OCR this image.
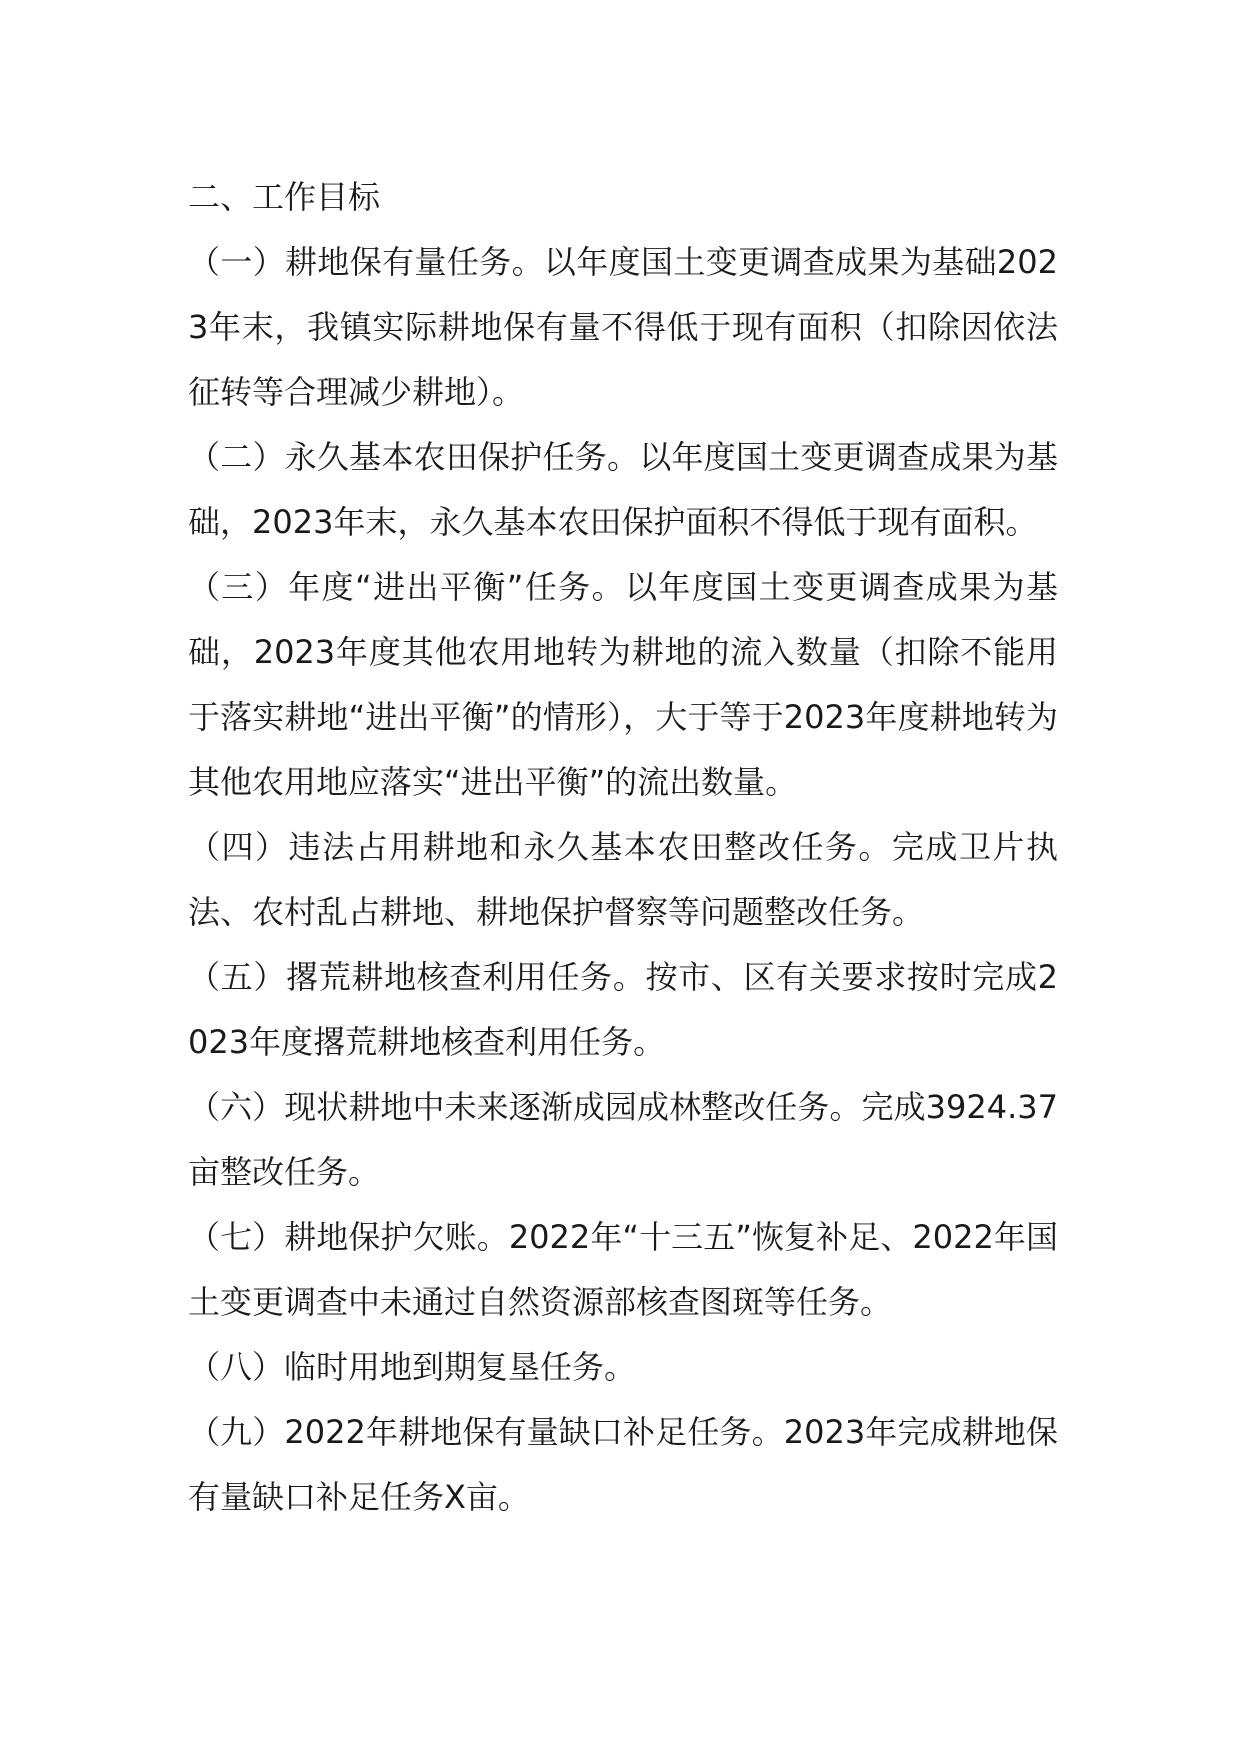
二、工作目标

（一）耕地保有量任务。以年度国土变更调查成果为基础2023年末，我镇实际耕地保有量不得低于现有面积（扣除因依法征转等合理减少耕地）。

（二）永久基本农田保护任务。以年度国土变更调查成果为基础，2023年末，永久基本农田保护面积不得低于现有面积。

（三）年度“进出平衡”任务。以年度国土变更调查成果为基础，2023年度其他农用地转为耕地的流入数量（扣除不能用于落实耕地“进出平衡”的情形），大于等于2023年度耕地转为其他农用地应落实“进出平衡”的流出数量。

（四）违法占用耕地和永久基本农田整改任务。完成卫片执法、农村乱占耕地、耕地保护督察等问题整改任务。

（五）撂荒耕地核查利用任务。按市、区有关要求按时完成2023年度撂荒耕地核查利用任务。

（六）现状耕地中未来逐渐成园成林整改任务。完成3924.37亩整改任务。

（七）耕地保护欠账。2022年“十三五”恢复补足、2022年国土变更调查中未通过自然资源部核查图斑等任务。

（八）临时用地到期复垦任务。

（九）2022年耕地保有量缺口补足任务。2023年完成耕地保有量缺口补足任务X亩。
